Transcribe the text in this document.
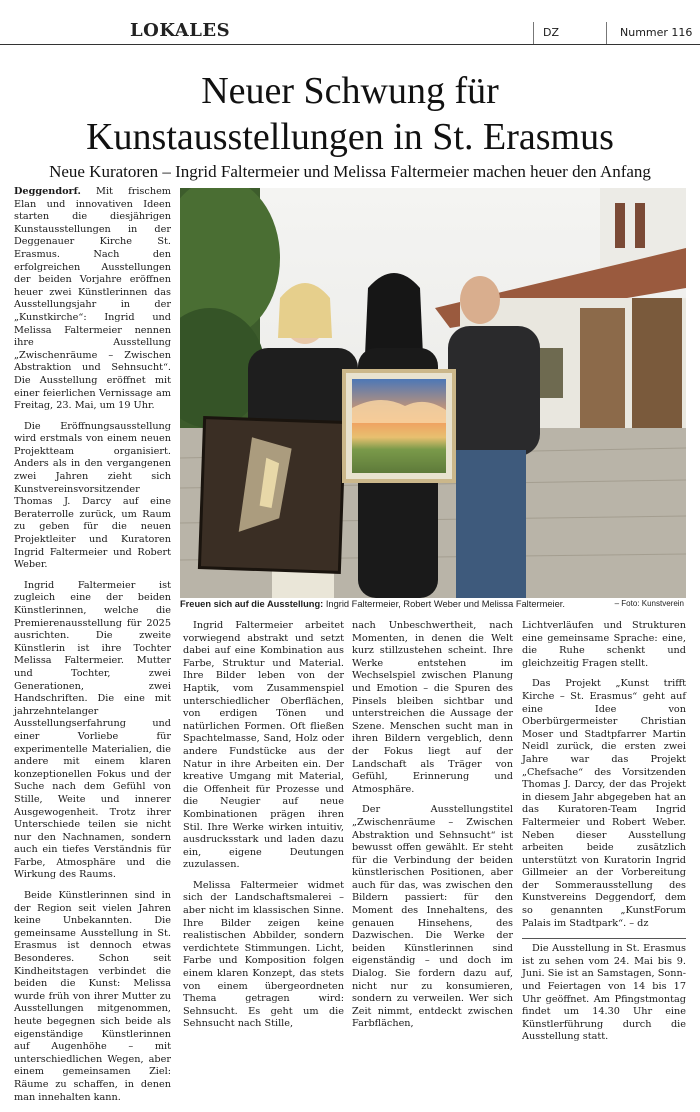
LOKALES	DZ	Nummer 116
Neuer Schwung für
Kunstausstellungen in St. Erasmus
Neue Kuratoren – Ingrid Faltermeier und Melissa Faltermeier machen heuer den Anfang

Deggendorf. Mit frischem Elan und innovativen Ideen starten die diesjährigen Kunstausstellungen in der Deggenauer Kirche St. Erasmus. Nach den erfolgreichen Ausstellungen der beiden Vorjahre eröffnen heuer zwei Künstlerinnen das Ausstellungsjahr in der „Kunstkirche“: Ingrid und Melissa Faltermeier nennen ihre Ausstellung „Zwischenräume – Zwischen Abstraktion und Sehnsucht“. Die Ausstellung eröffnet mit einer feierlichen Vernissage am Freitag, 23. Mai, um 19 Uhr.

Die Eröffnungsausstellung wird erstmals von einem neuen Projektteam organisiert. Anders als in den vergangenen zwei Jahren zieht sich Kunstvereinsvorsitzender Thomas J. Darcy auf eine Beraterrolle zurück, um Raum zu geben für die neuen Projektleiter und Kuratoren Ingrid Faltermeier und Robert Weber.

Ingrid Faltermeier ist zugleich eine der beiden Künstlerinnen, welche die Premierenausstellung für 2025 ausrichten. Die zweite Künstlerin ist ihre Tochter Melissa Faltermeier. Mutter und Tochter, zwei Generationen, zwei Handschriften. Die eine mit jahrzehntelanger Ausstellungserfahrung und einer Vorliebe für experimentelle Materialien, die andere mit einem klaren konzeptionellen Fokus und der Suche nach dem Gefühl von Stille, Weite und innerer Ausgewogenheit. Trotz ihrer Unterschiede teilen sie nicht nur den Nachnamen, sondern auch ein tiefes Verständnis für Farbe, Atmosphäre und die Wirkung des Raums.

Beide Künstlerinnen sind in der Region seit vielen Jahren keine Unbekannten. Die gemeinsame Ausstellung in St. Erasmus ist dennoch etwas Besonderes. Schon seit Kindheitstagen verbindet die beiden die Kunst: Melissa wurde früh von ihrer Mutter zu Ausstellungen mitgenommen, heute begegnen sich beide als eigenständige Künstlerinnen auf Augenhöhe – mit unterschiedlichen Wegen, aber einem gemeinsamen Ziel: Räume zu schaffen, in denen man innehalten kann.

Freuen sich auf die Ausstellung: Ingrid Faltermeier, Robert Weber und Melissa Faltermeier.	– Foto: Kunstverein

Ingrid Faltermeier arbeitet vorwiegend abstrakt und setzt dabei auf eine Kombination aus Farbe, Struktur und Material. Ihre Bilder leben von der Haptik, vom Zusammenspiel unterschiedlicher Oberflächen, von erdigen Tönen und natürlichen Formen. Oft fließen Spachtelmasse, Sand, Holz oder andere Fundstücke aus der Natur in ihre Arbeiten ein. Der kreative Umgang mit Material, die Offenheit für Prozesse und die Neugier auf neue Kombinationen prägen ihren Stil. Ihre Werke wirken intuitiv, ausdrucksstark und laden dazu ein, eigene Deutungen zuzulassen.

Melissa Faltermeier widmet sich der Landschaftsmalerei – aber nicht im klassischen Sinne. Ihre Bilder zeigen keine realistischen Abbilder, sondern verdichtete Stimmungen. Licht, Farbe und Komposition folgen einem klaren Konzept, das stets von einem übergeordneten Thema getragen wird: Sehnsucht. Es geht um die Sehnsucht nach Stille,

nach Unbeschwertheit, nach Momenten, in denen die Welt kurz stillzustehen scheint. Ihre Werke entstehen im Wechselspiel zwischen Planung und Emotion – die Spuren des Pinsels bleiben sichtbar und unterstreichen die Aussage der Szene. Menschen sucht man in ihren Bildern vergeblich, denn der Fokus liegt auf der Landschaft als Träger von Gefühl, Erinnerung und Atmosphäre.

Der Ausstellungstitel „Zwischenräume – Zwischen Abstraktion und Sehnsucht“ ist bewusst offen gewählt. Er steht für die Verbindung der beiden künstlerischen Positionen, aber auch für das, was zwischen den Bildern passiert: für den Moment des Innehaltens, des genauen Hinsehens, des Dazwischen. Die Werke der beiden Künstlerinnen sind eigenständig – und doch im Dialog. Sie fordern dazu auf, nicht nur zu konsumieren, sondern zu verweilen. Wer sich Zeit nimmt, entdeckt zwischen Farbflächen,

Lichtverläufen und Strukturen eine gemeinsame Sprache: eine, die Ruhe schenkt und gleichzeitig Fragen stellt.

Das Projekt „Kunst trifft Kirche – St. Erasmus“ geht auf eine Idee von Oberbürgermeister Christian Moser und Stadtpfarrer Martin Neidl zurück, die ersten zwei Jahre war das Projekt „Chefsache“ des Vorsitzenden Thomas J. Darcy, der das Projekt in diesem Jahr abgegeben hat an das Kuratoren-Team Ingrid Faltermeier und Robert Weber. Neben dieser Ausstellung arbeiten beide zusätzlich unterstützt von Kuratorin Ingrid Gillmeier an der Vorbereitung der Sommerausstellung des Kunstvereins Deggendorf, dem so genannten „KunstForum Palais im Stadtpark“. – dz

Die Ausstellung in St. Erasmus ist zu sehen vom 24. Mai bis 9. Juni. Sie ist an Samstagen, Sonn- und Feiertagen von 14 bis 17 Uhr geöffnet. Am Pfingstmontag findet um 14.30 Uhr eine Künstlerführung durch die Ausstellung statt.
